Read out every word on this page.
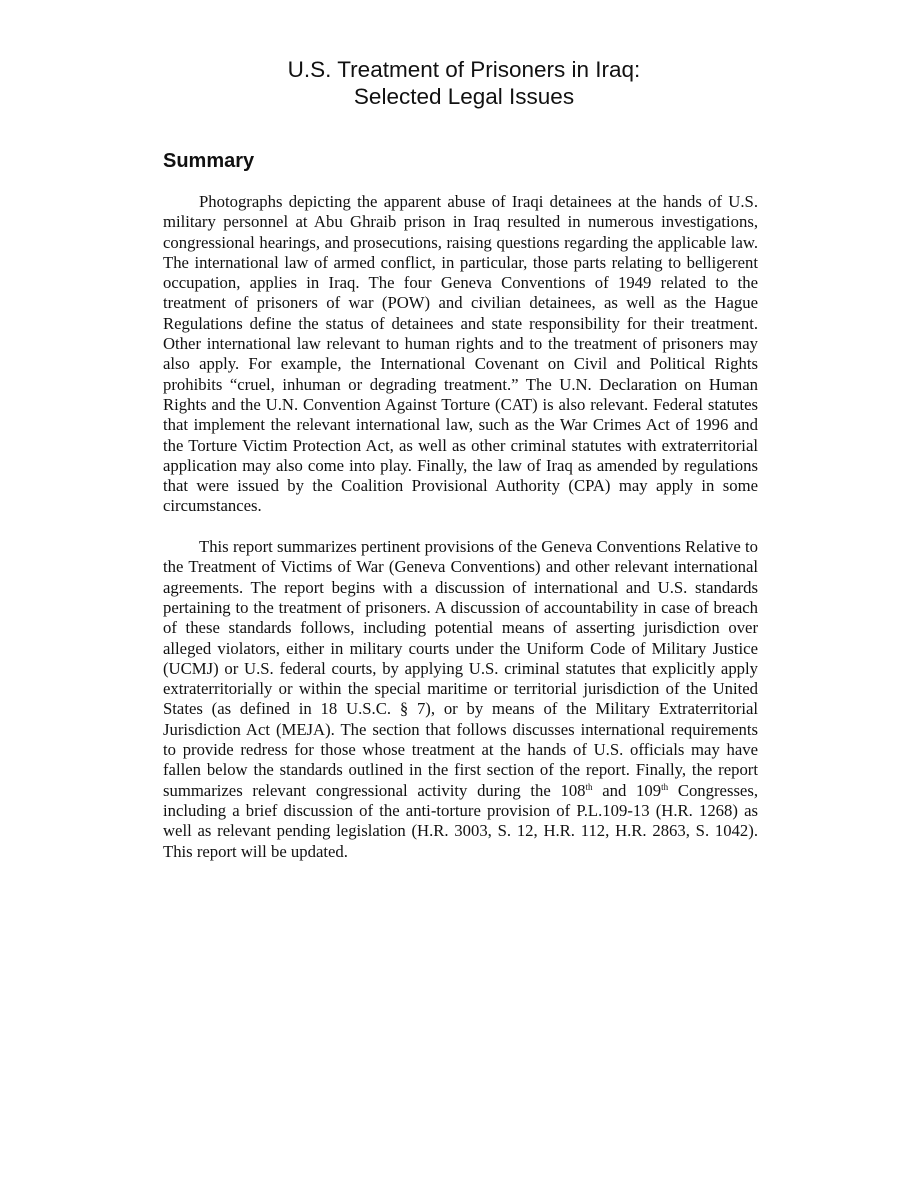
U.S. Treatment of Prisoners in Iraq:
Selected Legal Issues
Summary

Photographs depicting the apparent abuse of Iraqi detainees at the hands of U.S. military personnel at Abu Ghraib prison in Iraq resulted in numerous investigations, congressional hearings, and prosecutions, raising questions regarding the applicable law. The international law of armed conflict, in particular, those parts relating to belligerent occupation, applies in Iraq. The four Geneva Conventions of 1949 related to the treatment of prisoners of war (POW) and civilian detainees, as well as the Hague Regulations define the status of detainees and state responsibility for their treatment. Other international law relevant to human rights and to the treatment of prisoners may also apply. For example, the International Covenant on Civil and Political Rights prohibits “cruel, inhuman or degrading treatment.” The U.N. Declaration on Human Rights and the U.N. Convention Against Torture (CAT) is also relevant. Federal statutes that implement the relevant international law, such as the War Crimes Act of 1996 and the Torture Victim Protection Act, as well as other criminal statutes with extraterritorial application may also come into play. Finally, the law of Iraq as amended by regulations that were issued by the Coalition Provisional Authority (CPA) may apply in some circumstances.

This report summarizes pertinent provisions of the Geneva Conventions Relative to the Treatment of Victims of War (Geneva Conventions) and other relevant international agreements. The report begins with a discussion of international and U.S. standards pertaining to the treatment of prisoners. A discussion of accountability in case of breach of these standards follows, including potential means of asserting jurisdiction over alleged violators, either in military courts under the Uniform Code of Military Justice (UCMJ) or U.S. federal courts, by applying U.S. criminal statutes that explicitly apply extraterritorially or within the special maritime or territorial jurisdiction of the United States (as defined in 18 U.S.C. § 7), or by means of the Military Extraterritorial Jurisdiction Act (MEJA). The section that follows discusses international requirements to provide redress for those whose treatment at the hands of U.S. officials may have fallen below the standards outlined in the first section of the report. Finally, the report summarizes relevant congressional activity during the 108th and 109th Congresses, including a brief discussion of the anti-torture provision of P.L.109-13 (H.R. 1268) as well as relevant pending legislation (H.R. 3003, S. 12, H.R. 112, H.R. 2863, S. 1042). This report will be updated.
